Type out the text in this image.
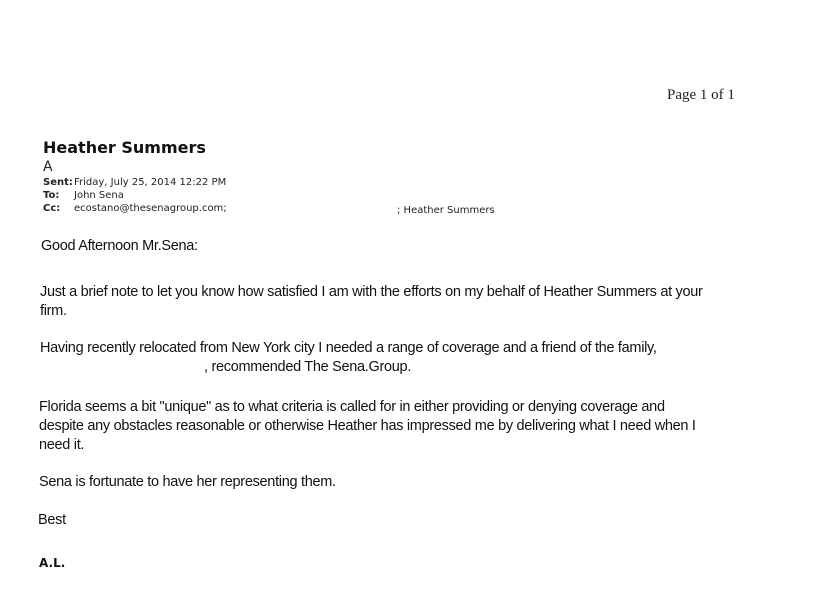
Page 1 of 1
Heather Summers
A
Sent:Friday, July 25, 2014 12:22 PM
To: John Sena
Cc: ecostano@thesenagroup.com;	; Heather Summers
Good Afternoon Mr.Sena:
Just a brief note to let you know how satisfied I am with the efforts on my behalf of Heather Summers at your
firm.
Having recently relocated from New York city I needed a range of coverage and a friend of the family,
, recommended The Sena.Group.
Florida seems a bit "unique" as to what criteria is called for in either providing or denying coverage and
despite any obstacles reasonable or otherwise Heather has impressed me by delivering what I need when I
need it.
Sena is fortunate to have her representing them.
Best
A.L.
